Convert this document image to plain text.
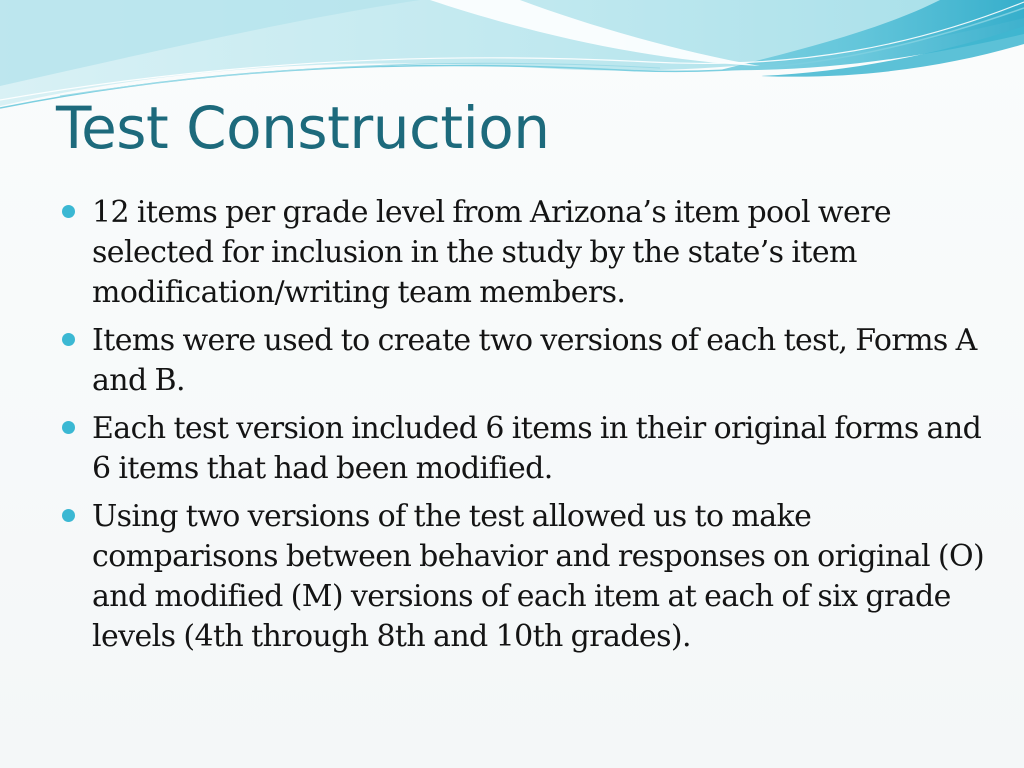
Test Construction
12 items per grade level from Arizona’s item pool were selected for inclusion in the study by the state’s item modification/writing team members.
Items were used to create two versions of each test, Forms A and B.
Each test version included 6 items in their original forms and 6 items that had been modified.
Using two versions of the test allowed us to make comparisons between behavior and responses on original (O) and modified (M) versions of each item at each of six grade levels (4th through 8th and 10th grades).
